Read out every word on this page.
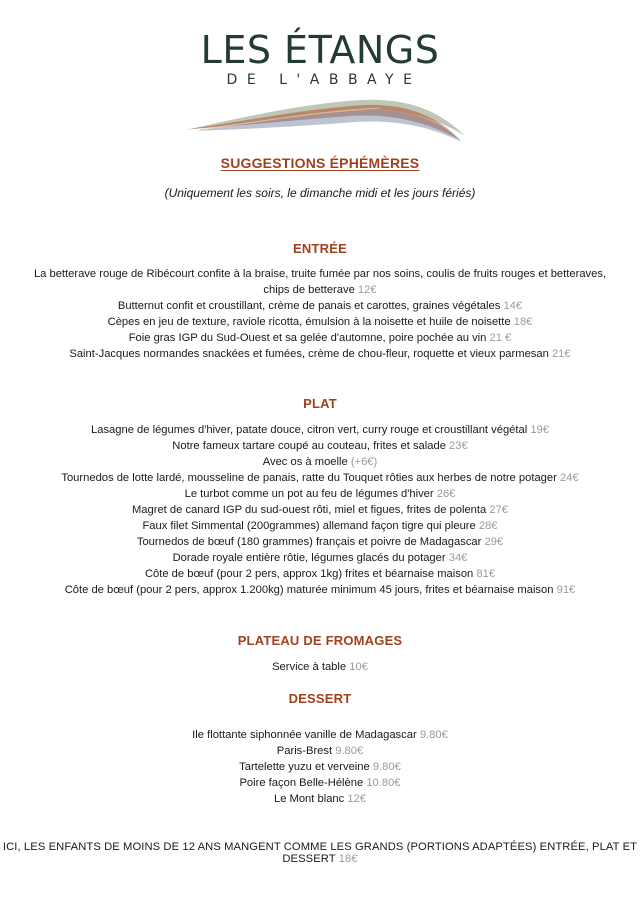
LES ÉTANGS
DE L'ABBAYE
SUGGESTIONS ÉPHÉMÈRES
(Uniquement les soirs, le dimanche midi et les jours fériés)
ENTRÉE
La betterave rouge de Ribécourt confite à la braise, truite fumée par nos soins, coulis de fruits rouges et betteraves, chips de betterave 12€
Butternut confit et croustillant, crème de panais et carottes, graines végétales 14€
Cèpes en jeu de texture, raviole ricotta, émulsion à la noisette et huile de noisette 18€
Foie gras IGP du Sud-Ouest et sa gelée d'automne, poire pochée au vin 21 €
Saint-Jacques normandes snackées et fumées, crème de chou-fleur, roquette et vieux parmesan 21€
PLAT
Lasagne de légumes d'hiver, patate douce, citron vert, curry rouge et croustillant végétal 19€
Notre fameux tartare coupé au couteau, frites et salade 23€
Avec os à moelle (+6€)
Tournedos de lotte lardé, mousseline de panais, ratte du Touquet rôties aux herbes de notre potager 24€
Le turbot comme un pot au feu de légumes d'hiver 26€
Magret de canard IGP du sud-ouest rôti, miel et figues, frites de polenta 27€
Faux filet Simmental (200grammes) allemand façon tigre qui pleure 28€
Tournedos de bœuf (180 grammes) français et poivre de Madagascar 29€
Dorade royale entière rôtie, légumes glacés du potager 34€
Côte de bœuf (pour 2 pers, approx 1kg) frites et béarnaise maison 81€
Côte de bœuf (pour 2 pers, approx 1.200kg) maturée minimum 45 jours, frites et béarnaise maison 91€
PLATEAU DE FROMAGES
Service à table 10€
DESSERT
Ile flottante siphonnée vanille de Madagascar 9.80€
Paris-Brest 9.80€
Tartelette yuzu et verveine 9.80€
Poire façon Belle-Hélène 10.80€
Le Mont blanc 12€
ICI, LES ENFANTS DE MOINS DE 12 ANS MANGENT COMME LES GRANDS (PORTIONS ADAPTÉES) ENTRÉE, PLAT ET DESSERT 18€
